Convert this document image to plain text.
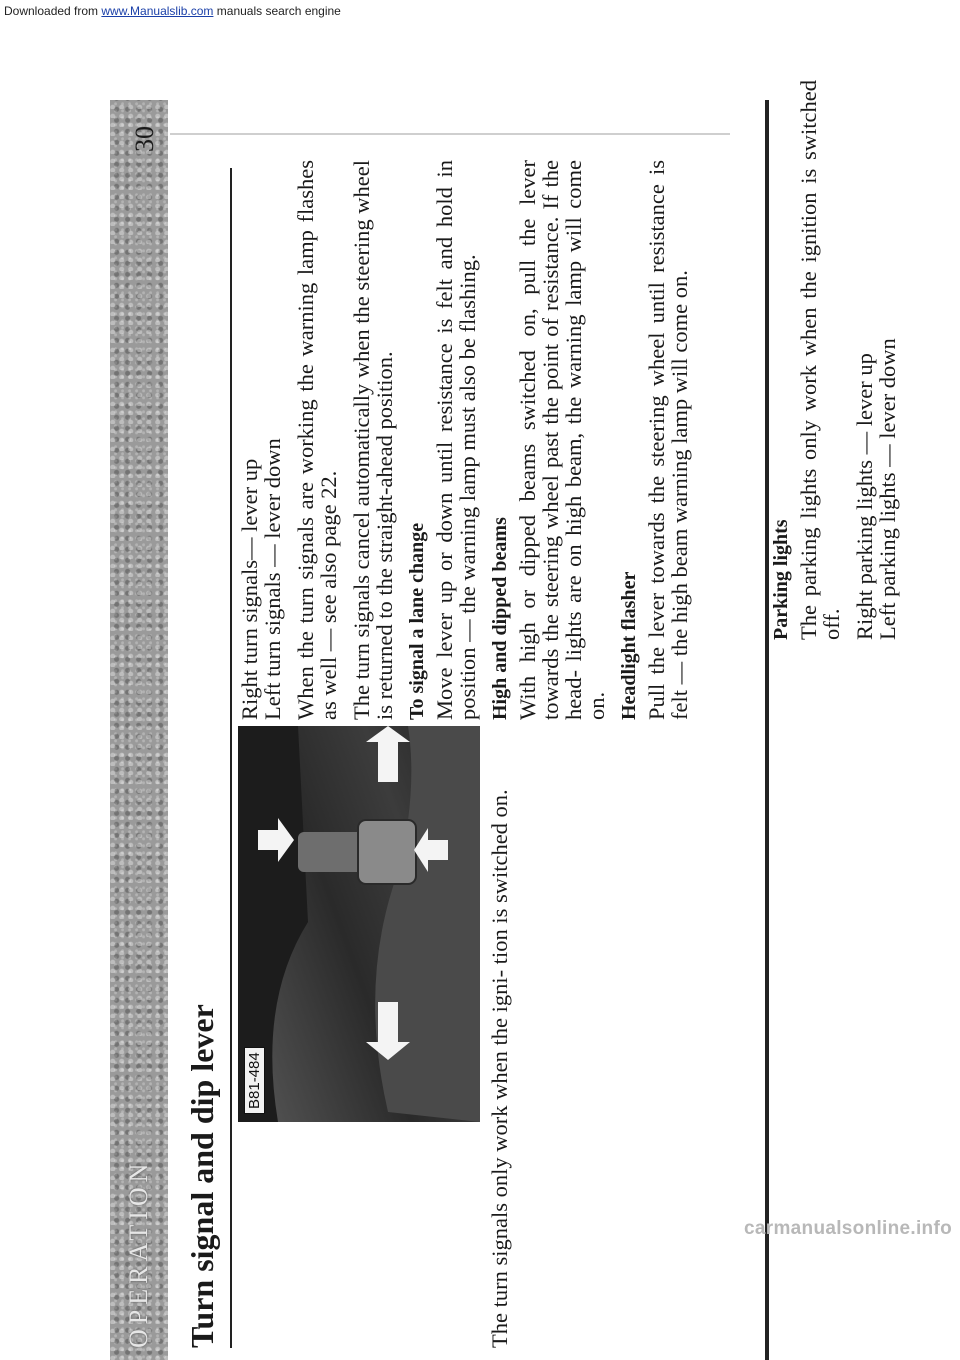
Downloaded from www.Manualslib.com manuals search engine
OPERATION Turn signal and dip lever B81-484	The turn signals only work when the igni- tion is switched on.

Right turn signals— lever up
Left turn signals — lever down When the turn signals are working the warning lamp flashes as well — see also page 22. The turn signals cancel automatically when the steering wheel is returned to the straight-ahead position. To signal a lane change Move lever up or down until resistance is felt and hold in position — the warning lamp must also be flashing. High and dipped beams With high or dipped beams switched on, pull the lever towards the steering wheel past the point of resistance. If the head- lights are on high beam, the warning lamp will come on. Headlight flasher Pull the lever towards the steering wheel until resistance is felt — the high beam warning lamp will come on.

30
Parking lights The parking lights only work when the ignition is switched off. Right parking lights — lever up
Left parking lights — lever down

carmanualsonline.info
